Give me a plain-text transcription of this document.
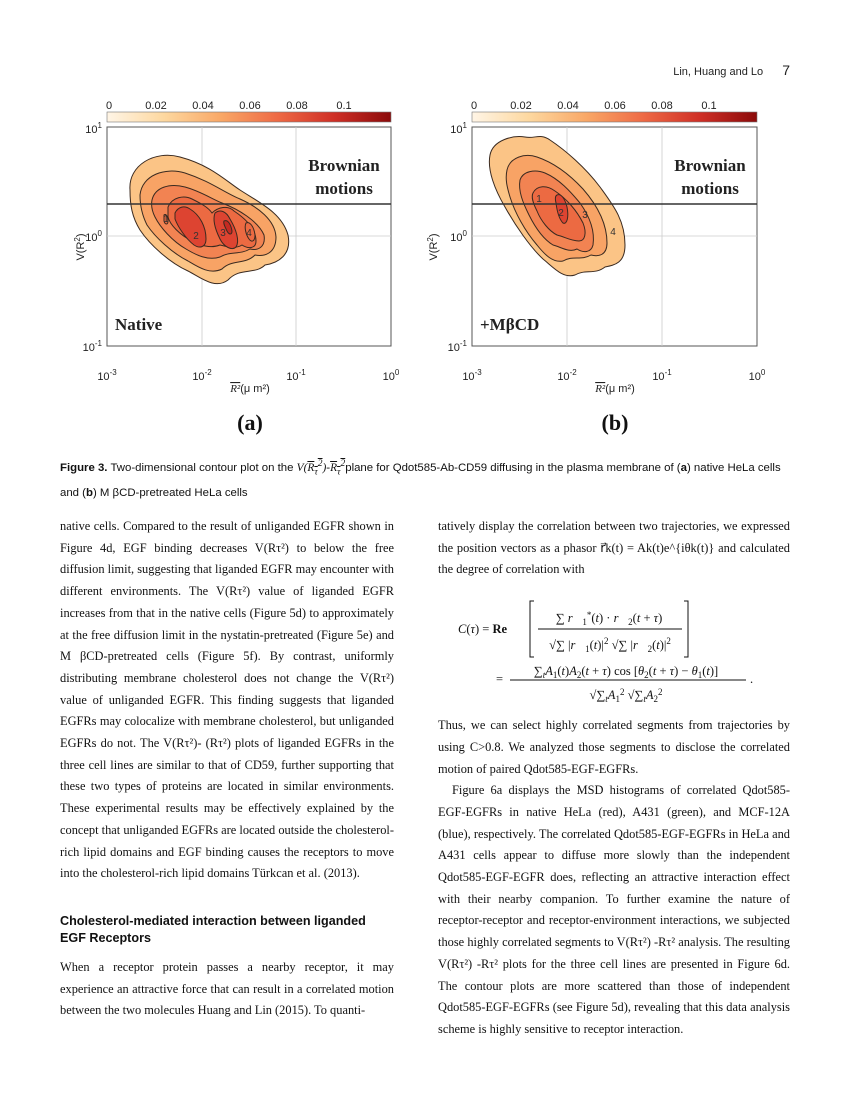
Lin, Huang and Lo 7
0	0.02 0.04 0.06 0.08	0.1
1
2 3 4
Brownian
motions
Native
$10^1$
$10^0$
$10^{-1}$
$V(R^2)$
$10^{-3}$	$10^{-2}$	$10^{-1}$	$10^0$
R²(μ m²)
(a)
0	0.02 0.04 0.06 0.08	0.1
1
2 3
4
Brownian
motions
+MβCD
$10^1$
$10^0$
$10^{-1}$
$V(R^2)$
$10^{-3}$	$10^{-2}$	$10^{-1}$	$10^0$
R²(μ m²)
(b)
Figure 3. Two-dimensional contour plot on the $V(R_\tau^2)-R_\tau^2plane$ for Qdot585-Ab-CD59 diffusing in the plasma membrane of (a) native HeLa cells and (b) M βCD-pretreated HeLa cells

native cells. Compared to the result of unliganded EGFR shown in Figure 4d, EGF binding decreases V(Rτ²) to below the free diffusion limit, suggesting that liganded EGFR may encounter with different environments. The V(Rτ²) value of liganded EGFR increases from that in the native cells (Figure 5d) to approximately at the free diffusion limit in the nystatin-pretreated (Figure 5e) and M βCD-pretreated cells (Figure 5f). By contrast, uniformly distributing membrane cholesterol does not change the V(Rτ²) value of unliganded EGFR. This finding suggests that liganded EGFRs may colocalize with membrane cholesterol, but unliganded EGFRs do not. The V(Rτ²)- (Rτ²) plots of liganded EGFRs in the three cell lines are similar to that of CD59, further supporting that these two types of proteins are located in similar environments. These experimental results may be effectively explained by the concept that unliganded EGFRs are located outside the cholesterol-rich lipid domains and EGF binding causes the receptors to move into the cholesterol-rich lipid domains Türkcan et al. (2013).

Cholesterol-mediated interaction between liganded EGF Receptors

When a receptor protein passes a nearby receptor, it may experience an attractive force that can result in a correlated motion between the two molecules Huang and Lin (2015). To quanti-

tatively display the correlation between two trajectories, we expressed the position vectors as a phasor r⃗k(t) = Ak(t)e^{iθk(t)} and calculated the degree of correlation with

C(τ) = Re
∑ $r⃗_1^*(t)$ · $r⃗_2(t + \tau)$
√∑ $|r⃗_1(t)|^2$ √∑ $|r⃗_2(t)|^2$
=
$\sum_tA_1(t)A_2(t + \tau)$ $\cos [\theta_2(t + \tau) - \theta_1(t)]$
.
$√\sum_tA_1^2$ $√\sum_tA_2^2$

Thus, we can select highly correlated segments from trajectories by using C>0.8. We analyzed those segments to disclose the correlated motion of paired Qdot585-EGF-EGFRs.

Figure 6a displays the MSD histograms of correlated Qdot585-EGF-EGFRs in native HeLa (red), A431 (green), and MCF-12A (blue), respectively. The correlated Qdot585-EGF-EGFRs in HeLa and A431 cells appear to diffuse more slowly than the independent Qdot585-EGF-EGFR does, reflecting an attractive interaction effect with their nearby companion. To further examine the nature of receptor-receptor and receptor-environment interactions, we subjected those highly correlated segments to V(Rτ²) -Rτ² analysis. The resulting V(Rτ²) -Rτ² plots for the three cell lines are presented in Figure 6d. The contour plots are more scattered than those of independent Qdot585-EGF-EGFRs (see Figure 5d), revealing that this data analysis scheme is highly sensitive to receptor interaction.
